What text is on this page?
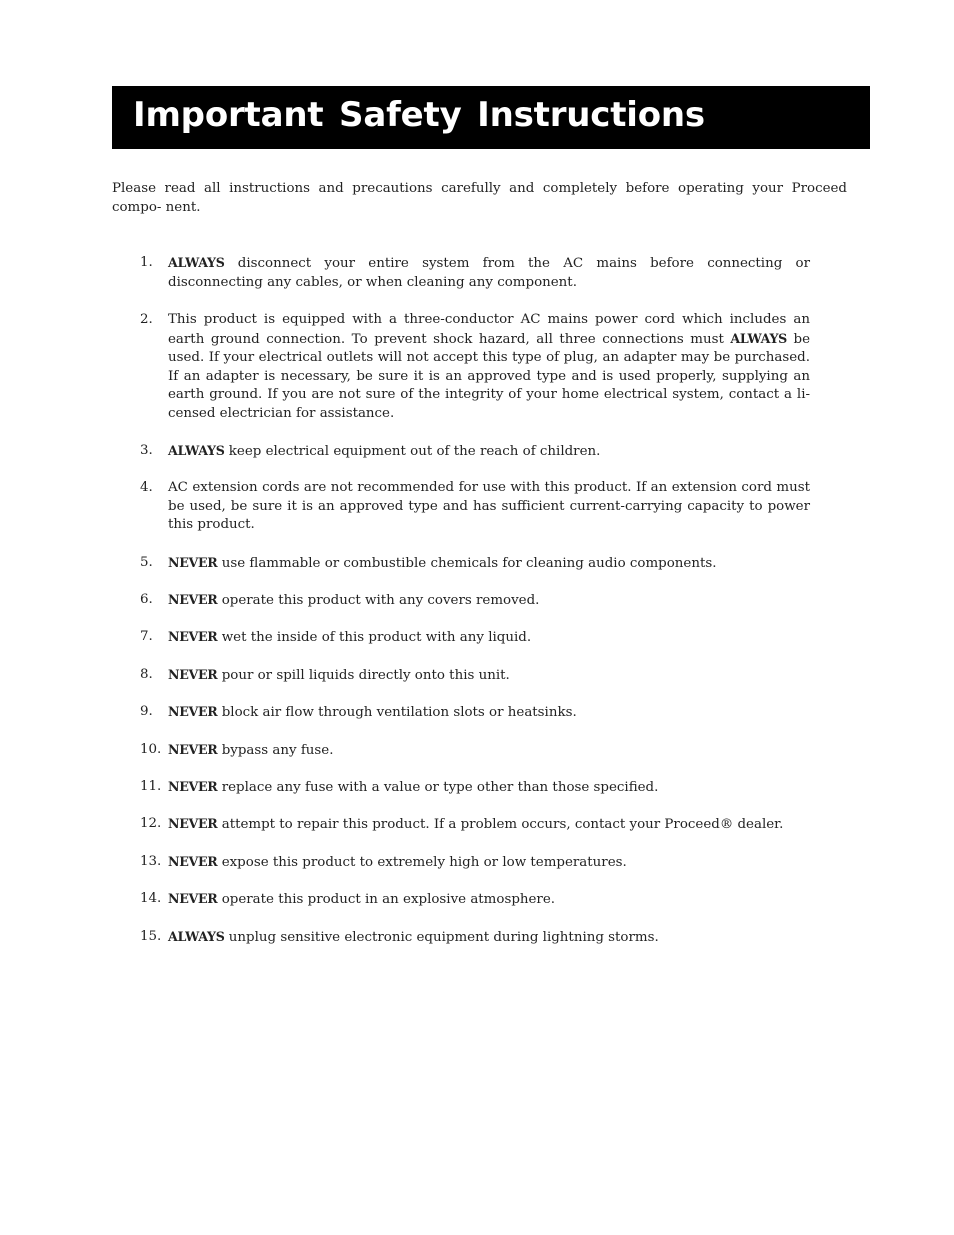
Important Safety Instructions

Please read all instructions and precautions carefully and completely before operating your Proceed compo- nent.

1.	ALWAYS disconnect your entire system from the AC mains before connecting or disconnecting any cables, or when cleaning any component.
2.	This product is equipped with a three-conductor AC mains power cord which includes an earth ground connection. To prevent shock hazard, all three connections must ALWAYS be used. If your electrical outlets will not accept this type of plug, an adapter may be purchased. If an adapter is necessary, be sure it is an approved type and is used properly, supplying an earth ground. If you are not sure of the integrity of your home electrical system, contact a li- censed electrician for assistance.
3.	ALWAYS keep electrical equipment out of the reach of children.
4.	AC extension cords are not recommended for use with this product. If an extension cord must be used, be sure it is an approved type and has sufficient current-carrying capacity to power this product.
5.	NEVER use flammable or combustible chemicals for cleaning audio components.
6.	NEVER operate this product with any covers removed.
7.	NEVER wet the inside of this product with any liquid.
8.	NEVER pour or spill liquids directly onto this unit.
9.	NEVER block air flow through ventilation slots or heatsinks.
10. NEVER bypass any fuse.
11. NEVER replace any fuse with a value or type other than those specified.
12. NEVER attempt to repair this product. If a problem occurs, contact your Proceed® dealer.
13. NEVER expose this product to extremely high or low temperatures.
14. NEVER operate this product in an explosive atmosphere.
15. ALWAYS unplug sensitive electronic equipment during lightning storms.
